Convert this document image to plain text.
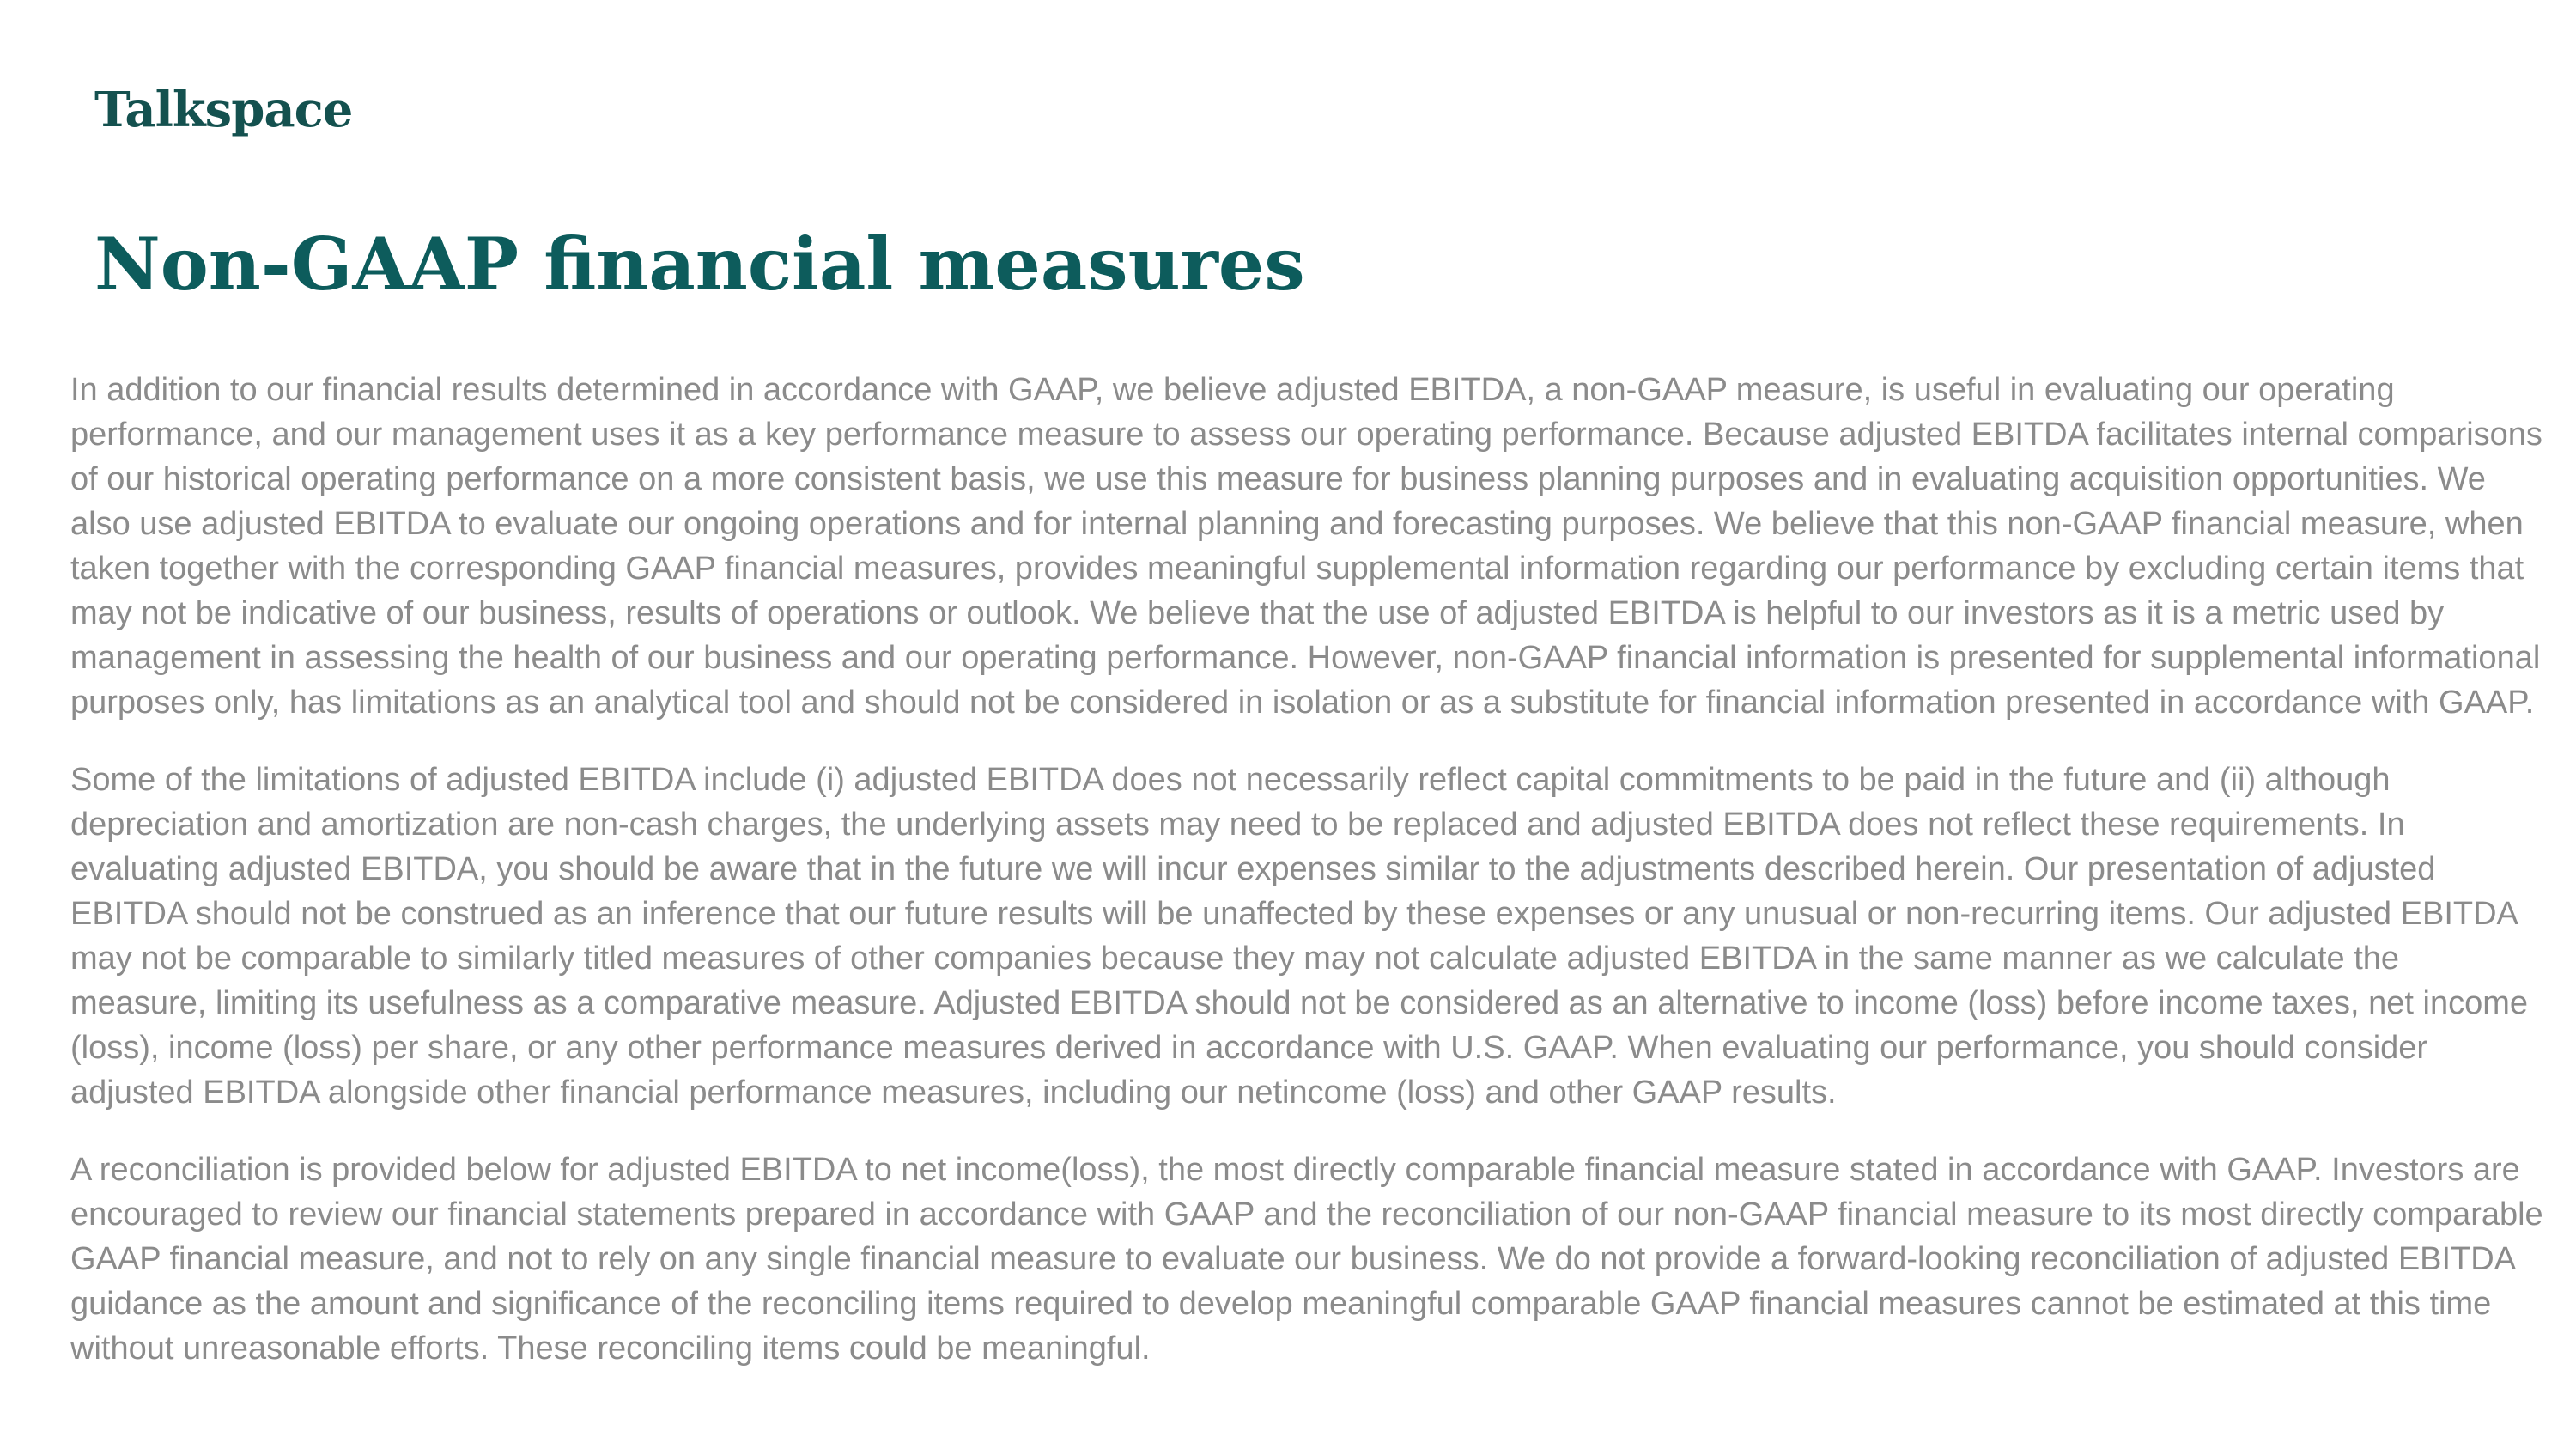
Talkspace
Non-GAAP financial measures

In addition to our financial results determined in accordance with GAAP, we believe adjusted EBITDA, a non-GAAP measure, is useful in evaluating our operating performance, and our management uses it as a key performance measure to assess our operating performance. Because adjusted EBITDA facilitates internal comparisons of our historical operating performance on a more consistent basis, we use this measure for business planning purposes and in evaluating acquisition opportunities. We also use adjusted EBITDA to evaluate our ongoing operations and for internal planning and forecasting purposes. We believe that this non-GAAP financial measure, when taken together with the corresponding GAAP financial measures, provides meaningful supplemental information regarding our performance by excluding certain items that may not be indicative of our business, results of operations or outlook. We believe that the use of adjusted EBITDA is helpful to our investors as it is a metric used by management in assessing the health of our business and our operating performance. However, non-GAAP financial information is presented for supplemental informational purposes only, has limitations as an analytical tool and should not be considered in isolation or as a substitute for financial information presented in accordance with GAAP.

Some of the limitations of adjusted EBITDA include (i) adjusted EBITDA does not necessarily reflect capital commitments to be paid in the future and (ii) although depreciation and amortization are non-cash charges, the underlying assets may need to be replaced and adjusted EBITDA does not reflect these requirements. In evaluating adjusted EBITDA, you should be aware that in the future we will incur expenses similar to the adjustments described herein. Our presentation of adjusted EBITDA should not be construed as an inference that our future results will be unaffected by these expenses or any unusual or non-recurring items. Our adjusted EBITDA may not be comparable to similarly titled measures of other companies because they may not calculate adjusted EBITDA in the same manner as we calculate the measure, limiting its usefulness as a comparative measure. Adjusted EBITDA should not be considered as an alternative to income (loss) before income taxes, net income (loss), income (loss) per share, or any other performance measures derived in accordance with U.S. GAAP. When evaluating our performance, you should consider adjusted EBITDA alongside other financial performance measures, including our netincome (loss) and other GAAP results.

A reconciliation is provided below for adjusted EBITDA to net income(loss), the most directly comparable financial measure stated in accordance with GAAP. Investors are encouraged to review our financial statements prepared in accordance with GAAP and the reconciliation of our non-GAAP financial measure to its most directly comparable GAAP financial measure, and not to rely on any single financial measure to evaluate our business. We do not provide a forward-looking reconciliation of adjusted EBITDA guidance as the amount and significance of the reconciling items required to develop meaningful comparable GAAP financial measures cannot be estimated at this time without unreasonable efforts. These reconciling items could be meaningful.
